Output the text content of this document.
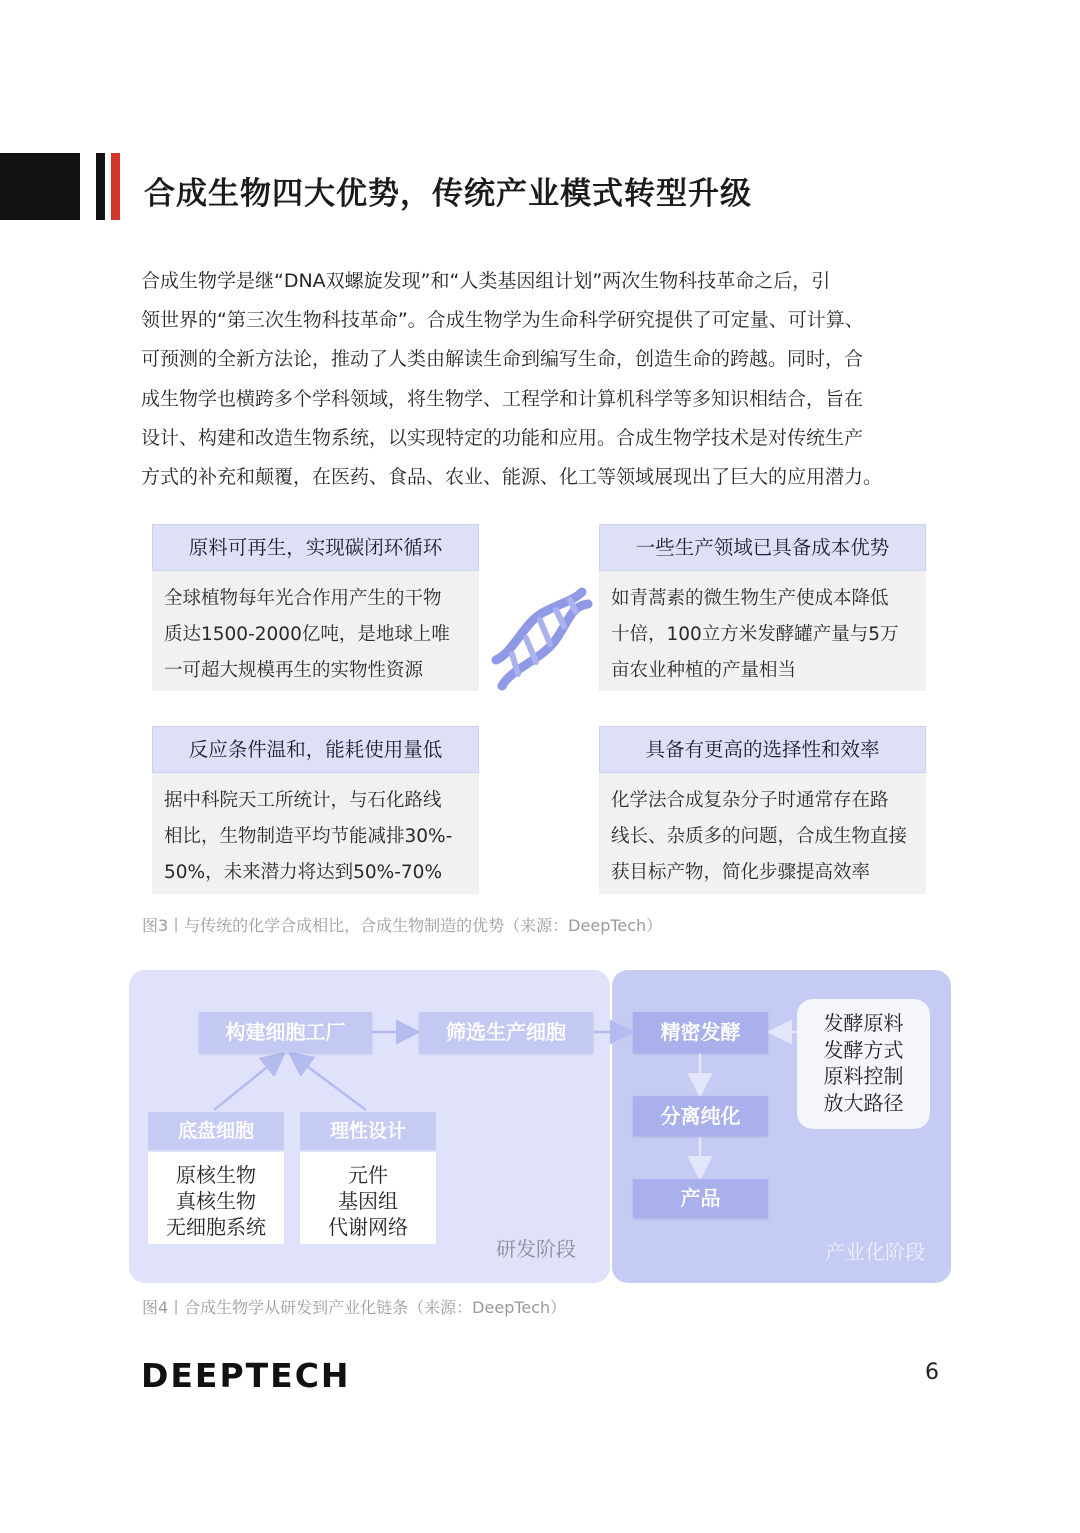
合成生物四大优势，传统产业模式转型升级
合成生物学是继“DNA双螺旋发现”和“人类基因组计划”两次生物科技革命之后，引
领世界的“第三次生物科技革命”。合成生物学为生命科学研究提供了可定量、可计算、
可预测的全新方法论，推动了人类由解读生命到编写生命，创造生命的跨越。同时，合
成生物学也横跨多个学科领域，将生物学、工程学和计算机科学等多知识相结合，旨在
设计、构建和改造生物系统，以实现特定的功能和应用。合成生物学技术是对传统生产
方式的补充和颠覆，在医药、食品、农业、能源、化工等领域展现出了巨大的应用潜力。
原料可再生，实现碳闭环循环
全球植物每年光合作用产生的干物
质达1500-2000亿吨，是地球上唯
一可超大规模再生的实物性资源
一些生产领域已具备成本优势
如青蒿素的微生物生产使成本降低
十倍，100立方米发酵罐产量与5万
亩农业种植的产量相当
反应条件温和，能耗使用量低
据中科院天工所统计，与石化路线
相比，生物制造平均节能减排30%-
50%，未来潜力将达到50%-70%
具备有更高的选择性和效率
化学法合成复杂分子时通常存在路
线长、杂质多的问题，合成生物直接
获目标产物，简化步骤提高效率
图3丨与传统的化学合成相比，合成生物制造的优势（来源：DeepTech）
构建细胞工厂	筛选生产细胞
底盘细胞
原核生物
真核生物
无细胞系统
理性设计
元件
基因组
代谢网络
研发阶段
精密发酵
分离纯化
产品
发酵原料
发酵方式
原料控制
放大路径
产业化阶段
图4丨合成生物学从研发到产业化链条（来源：DeepTech）
DEEPTECH	6
